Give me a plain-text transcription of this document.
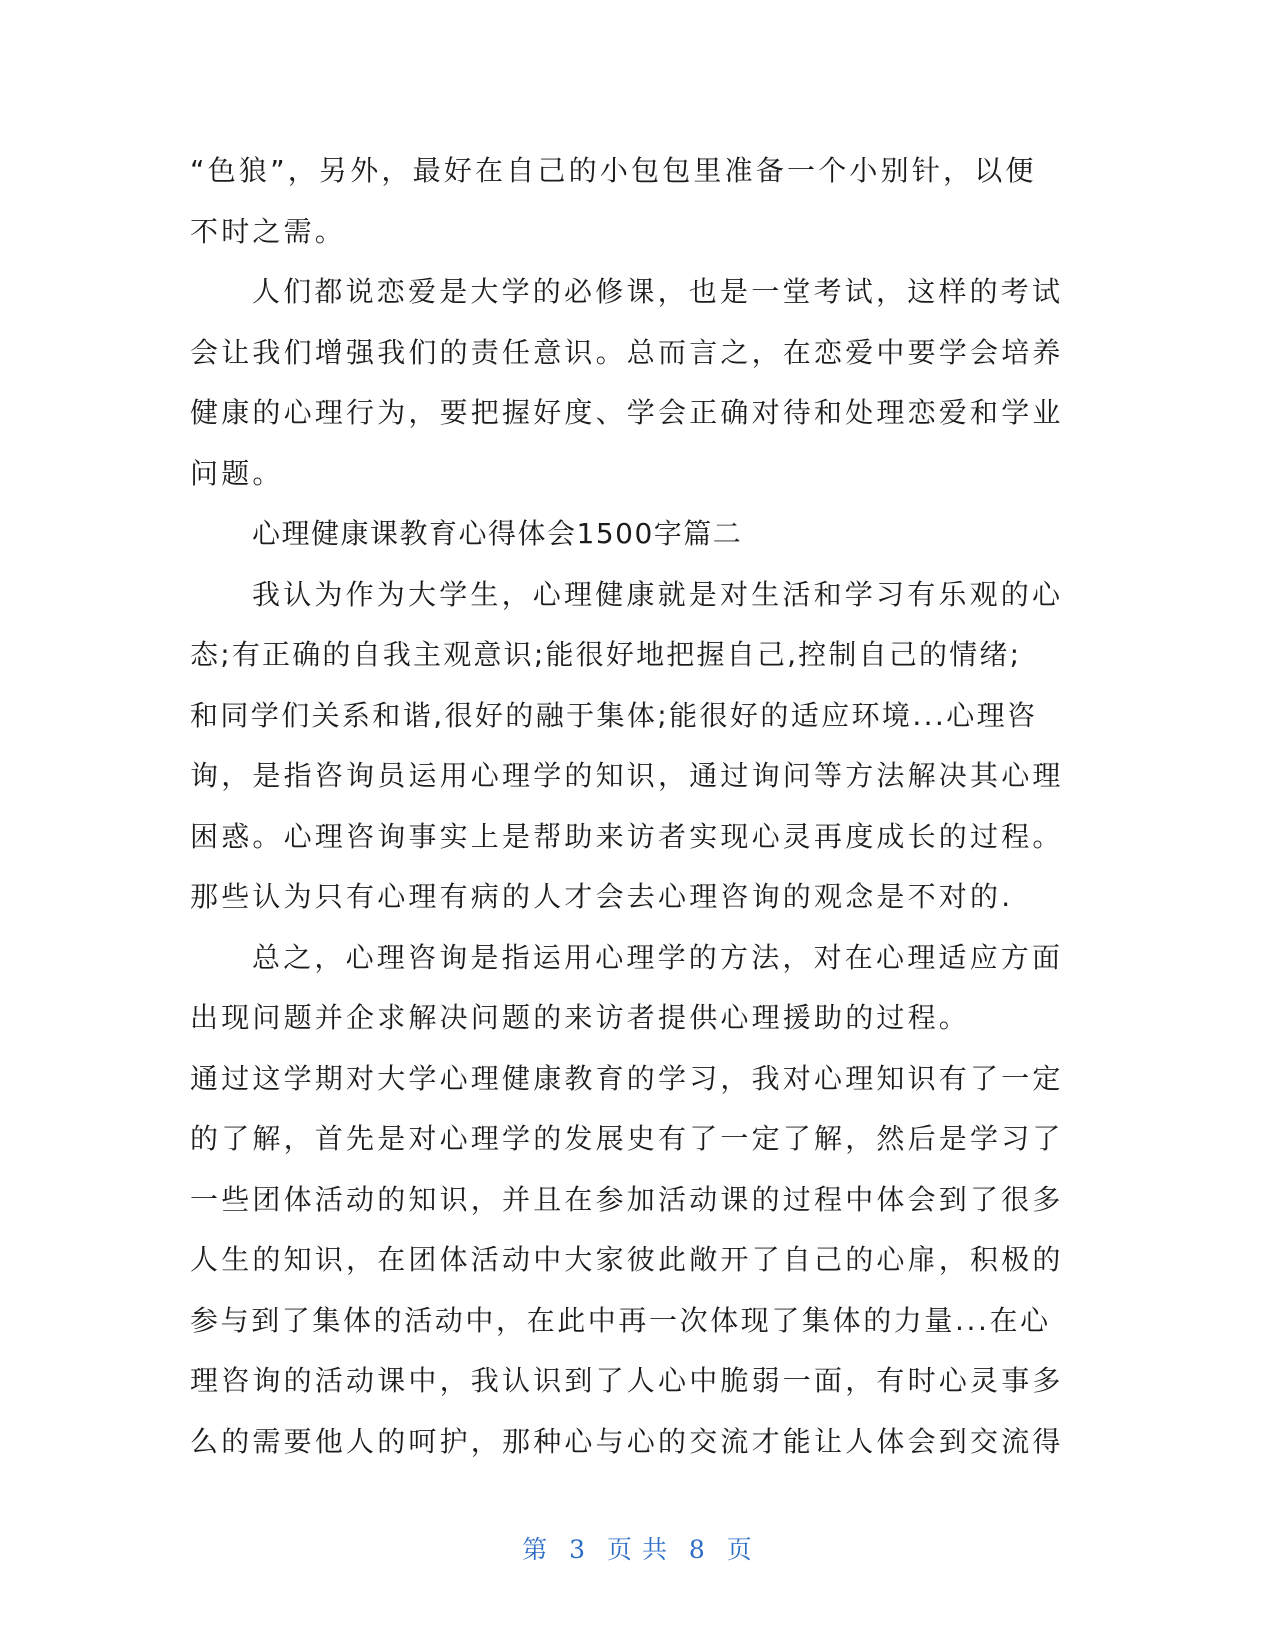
“色狼”，另外，最好在自己的小包包里准备一个小别针，以便
不时之需。
人们都说恋爱是大学的必修课，也是一堂考试，这样的考试
会让我们增强我们的责任意识。总而言之，在恋爱中要学会培养
健康的心理行为，要把握好度、学会正确对待和处理恋爱和学业
问题。
心理健康课教育心得体会1500字篇二
我认为作为大学生，心理健康就是对生活和学习有乐观的心
态;有正确的自我主观意识;能很好地把握自己,控制自己的情绪;
和同学们关系和谐,很好的融于集体;能很好的适应环境...心理咨
询，是指咨询员运用心理学的知识，通过询问等方法解决其心理
困惑。心理咨询事实上是帮助来访者实现心灵再度成长的过程。
那些认为只有心理有病的人才会去心理咨询的观念是不对的.
总之，心理咨询是指运用心理学的方法，对在心理适应方面
出现问题并企求解决问题的来访者提供心理援助的过程。
通过这学期对大学心理健康教育的学习，我对心理知识有了一定
的了解，首先是对心理学的发展史有了一定了解，然后是学习了
一些团体活动的知识，并且在参加活动课的过程中体会到了很多
人生的知识，在团体活动中大家彼此敞开了自己的心扉，积极的
参与到了集体的活动中，在此中再一次体现了集体的力量...在心
理咨询的活动课中，我认识到了人心中脆弱一面，有时心灵事多
么的需要他人的呵护，那种心与心的交流才能让人体会到交流得
第 3 页 共 8 页
